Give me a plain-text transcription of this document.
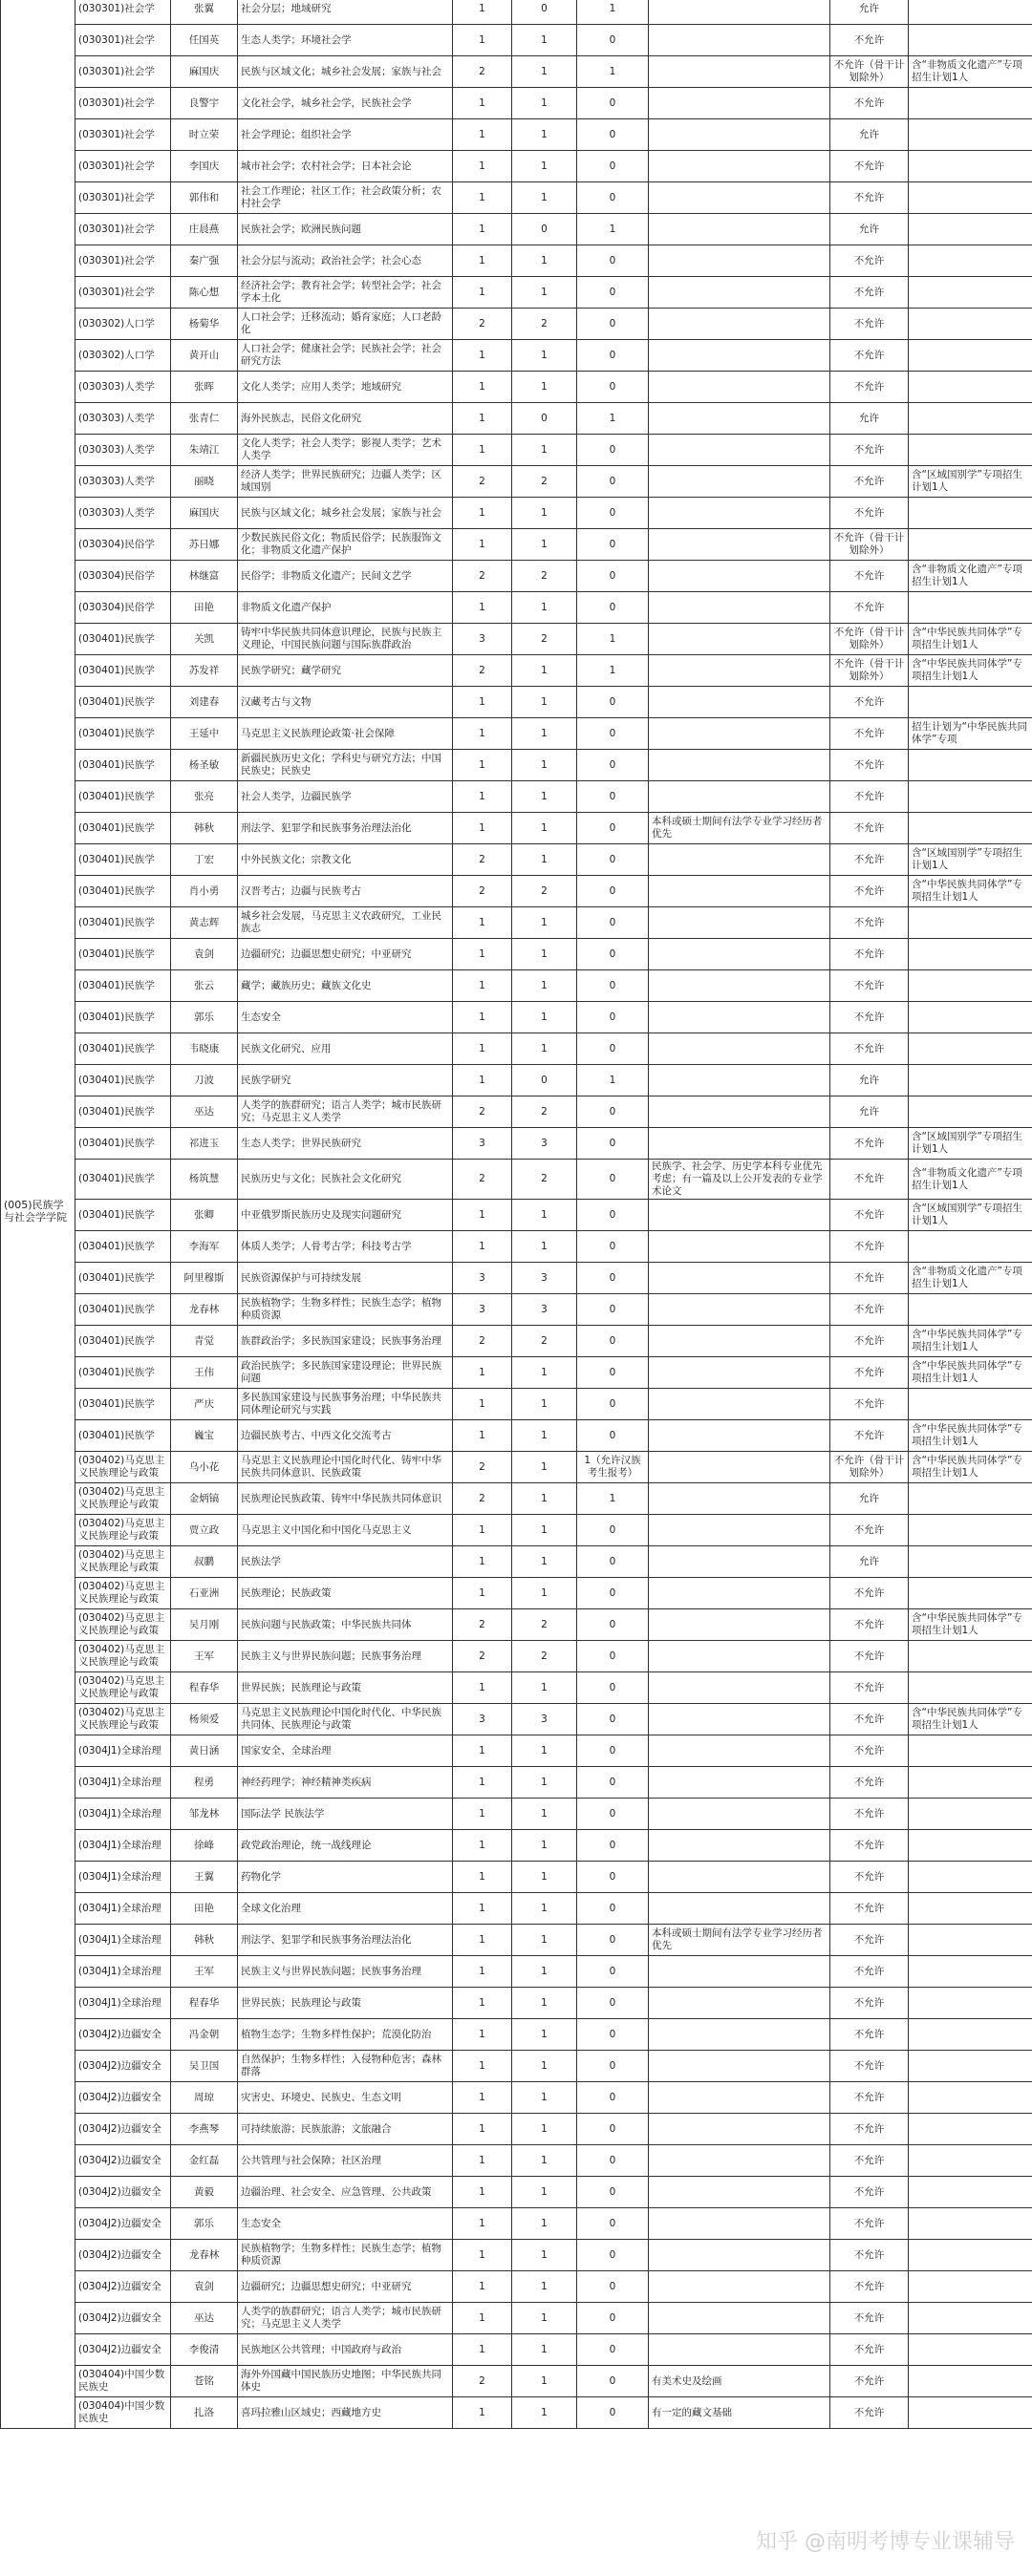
(005)民族学与社会学学院	(030301)社会学	张翼	社会分层；地域研究	1	0	1		允许	
	(030301)社会学	任国英	生态人类学；环境社会学	1	1	0		不允许	
	(030301)社会学	麻国庆	民族与区域文化；城乡社会发展；家族与社会	2	1	1		不允许（骨干计划除外）	含“非物质文化遗产”专项招生计划1人
	(030301)社会学	良警宇	文化社会学，城乡社会学，民族社会学	1	1	0		不允许	
	(030301)社会学	时立荣	社会学理论；组织社会学	1	1	0		允许	
	(030301)社会学	李国庆	城市社会学；农村社会学；日本社会论	1	1	0		不允许	
	(030301)社会学	郭伟和	社会工作理论；社区工作；社会政策分析；农村社会学	1	1	0		不允许	
	(030301)社会学	庄晨燕	民族社会学；欧洲民族问题	1	0	1		允许	
	(030301)社会学	秦广强	社会分层与流动；政治社会学；社会心态	1	1	0		不允许	
	(030301)社会学	陈心想	经济社会学；教育社会学；转型社会学；社会学本土化	1	1	0		不允许	
	(030302)人口学	杨菊华	人口社会学；迁移流动；婚育家庭；人口老龄化	2	2	0		不允许	
	(030302)人口学	黄开山	人口社会学；健康社会学；民族社会学；社会研究方法	1	1	0		不允许	
	(030303)人类学	张晖	文化人类学；应用人类学；地域研究	1	1	0		不允许	
	(030303)人类学	张青仁	海外民族志，民俗文化研究	1	0	1		允许	
	(030303)人类学	朱靖江	文化人类学；社会人类学；影视人类学；艺术人类学	1	1	0		不允许	
	(030303)人类学	丽晓	经济人类学；世界民族研究；边疆人类学；区域国别	2	2	0		不允许	含“区域国别学”专项招生计划1人
	(030303)人类学	麻国庆	民族与区域文化；城乡社会发展；家族与社会	1	1	0		不允许	
	(030304)民俗学	苏日娜	少数民族民俗文化；物质民俗学；民族服饰文化；非物质文化遗产保护	1	1	0		不允许（骨干计划除外）	
	(030304)民俗学	林继富	民俗学；非物质文化遗产；民间文艺学	2	2	0		不允许	含“非物质文化遗产”专项招生计划1人
	(030304)民俗学	田艳	非物质文化遗产保护	1	1	0		不允许	
	(030401)民族学	关凯	铸牢中华民族共同体意识理论，民族与民族主义理论，中国民族问题与国际族群政治	3	2	1		不允许（骨干计划除外）	含“中华民族共同体学”专项招生计划1人
	(030401)民族学	苏发祥	民族学研究；藏学研究	2	1	1		不允许（骨干计划除外）	含“中华民族共同体学”专项招生计划1人
	(030401)民族学	刘建春	汉藏考古与文物	1	1	0		不允许	
	(030401)民族学	王延中	马克思主义民族理论政策·社会保障	1	1	0		不允许	招生计划为“中华民族共同体学”专项
	(030401)民族学	杨圣敏	新疆民族历史文化；学科史与研究方法；中国民族史；民族史	1	1	0		不允许	
	(030401)民族学	张亮	社会人类学，边疆民族学	1	1	0		不允许	
	(030401)民族学	韩秋	刑法学、犯罪学和民族事务治理法治化	1	1	0	本科或硕士期间有法学专业学习经历者优先	不允许	
	(030401)民族学	丁宏	中外民族文化；宗教文化	2	1	0		不允许	含“区域国别学”专项招生计划1人
	(030401)民族学	肖小勇	汉晋考古；边疆与民族考古	2	2	0		不允许	含“中华民族共同体学”专项招生计划1人
	(030401)民族学	黄志辉	城乡社会发展，马克思主义农政研究，工业民族志	1	1	0		不允许	
	(030401)民族学	袁剑	边疆研究；边疆思想史研究；中亚研究	1	1	0		不允许	
	(030401)民族学	张云	藏学；藏族历史；藏族文化史	1	1	0		不允许	
	(030401)民族学	郭乐	生态安全	1	1	0		不允许	
	(030401)民族学	韦晓康	民族文化研究、应用	1	1	0		不允许	
	(030401)民族学	刀波	民族学研究	1	0	1		允许	
	(030401)民族学	巫达	人类学的族群研究；语言人类学；城市民族研究；马克思主义人类学	2	2	0		允许	
	(030401)民族学	祁进玉	生态人类学；世界民族研究	3	3	0		不允许	含“区域国别学”专项招生计划1人
	(030401)民族学	杨筑慧	民族历史与文化；民族社会文化研究	2	2	0	民族学、社会学、历史学本科专业优先考虑；有一篇及以上公开发表的专业学术论文	不允许	含“非物质文化遗产”专项招生计划1人
	(030401)民族学	张卿	中亚俄罗斯民族历史及现实问题研究	1	1	0		不允许	含“区域国别学”专项招生计划1人
	(030401)民族学	李海军	体质人类学；人骨考古学；科技考古学	1	1	0		不允许	
	(030401)民族学	阿里穆斯	民族资源保护与可持续发展	3	3	0		不允许	含“非物质文化遗产”专项招生计划1人
	(030401)民族学	龙春林	民族植物学；生物多样性；民族生态学；植物种质资源	3	3	0		不允许	
	(030401)民族学	青觉	族群政治学；多民族国家建设；民族事务治理	2	2	0		不允许	含“中华民族共同体学”专项招生计划1人
	(030401)民族学	王伟	政治民族学；多民族国家建设理论；世界民族问题	1	1	0		不允许	含“中华民族共同体学”专项招生计划1人
	(030401)民族学	严庆	多民族国家建设与民族事务治理；中华民族共同体理论研究与实践	1	1	0		不允许	
	(030401)民族学	巍宝	边疆民族考古、中西文化交流考古	1	1	0		不允许	含“中华民族共同体学”专项招生计划1人
	(030402)马克思主义民族理论与政策	乌小花	马克思主义民族理论中国化时代化、铸牢中华民族共同体意识、民族政策	2	1	1（允许汉族考生报考）		不允许（骨干计划除外）	含“中华民族共同体学”专项招生计划1人
	(030402)马克思主义民族理论与政策	金炳镐	民族理论民族政策、铸牢中华民族共同体意识	2	1	1		允许	
	(030402)马克思主义民族理论与政策	贾立政	马克思主义中国化和中国化马克思主义	1	1	0		不允许	
	(030402)马克思主义民族理论与政策	叔鹏	民族法学	1	1	0		允许	
	(030402)马克思主义民族理论与政策	石亚洲	民族理论；民族政策	1	1	0		不允许	
	(030402)马克思主义民族理论与政策	吴月刚	民族问题与民族政策；中华民族共同体	2	2	0		不允许	含“中华民族共同体学”专项招生计划1人
	(030402)马克思主义民族理论与政策	王军	民族主义与世界民族问题；民族事务治理	2	2	0		不允许	
	(030402)马克思主义民族理论与政策	程春华	世界民族；民族理论与政策	1	1	0		不允许	
	(030402)马克思主义民族理论与政策	杨须爱	马克思主义民族理论中国化时代化、中华民族共同体、民族理论与政策	3	3	0		不允许	含“中华民族共同体学”专项招生计划1人
	(0304J1)全球治理	黄日涵	国家安全、全球治理	1	1	0		不允许	
	(0304J1)全球治理	程勇	神经药理学；神经精神类疾病	1	1	0		不允许	
	(0304J1)全球治理	邹龙林	国际法学 民族法学	1	1	0		不允许	
	(0304J1)全球治理	徐峰	政党政治理论，统一战线理论	1	1	0		不允许	
	(0304J1)全球治理	王翼	药物化学	1	1	0		不允许	
	(0304J1)全球治理	田艳	全球文化治理	1	1	0		不允许	
	(0304J1)全球治理	韩秋	刑法学、犯罪学和民族事务治理法治化	1	1	0	本科或硕士期间有法学专业学习经历者优先	不允许	
	(0304J1)全球治理	王军	民族主义与世界民族问题；民族事务治理	1	1	0		不允许	
	(0304J1)全球治理	程春华	世界民族；民族理论与政策	1	1	0		不允许	
	(0304J2)边疆安全	冯金朝	植物生态学；生物多样性保护；荒漠化防治	1	1	0		不允许	
	(0304J2)边疆安全	吴卫国	自然保护；生物多样性；入侵物种危害；森林群落	1	1	0		不允许	
	(0304J2)边疆安全	周琼	灾害史、环境史、民族史、生态文明	1	1	0		不允许	
	(0304J2)边疆安全	李燕琴	可持续旅游；民族旅游；文旅融合	1	1	0		不允许	
	(0304J2)边疆安全	金红磊	公共管理与社会保障；社区治理	1	1	0		不允许	
	(0304J2)边疆安全	黄毅	边疆治理、社会安全、应急管理、公共政策	1	1	0		不允许	
	(0304J2)边疆安全	郭乐	生态安全	1	1	0		不允许	
	(0304J2)边疆安全	龙春林	民族植物学；生物多样性；民族生态学；植物种质资源	1	1	0		不允许	
	(0304J2)边疆安全	袁剑	边疆研究；边疆思想史研究；中亚研究	1	1	0		不允许	
	(0304J2)边疆安全	巫达	人类学的族群研究；语言人类学；城市民族研究；马克思主义人类学	1	1	0		不允许	
	(0304J2)边疆安全	李俊清	民族地区公共管理；中国政府与政治	1	1	0		不允许	
	(030404)中国少数民族史	苍铭	海外外国藏中国民族历史地图；中华民族共同体史	2	1	0	有美术史及绘画	不允许	
	(030404)中国少数民族史	扎洛	喜玛拉雅山区域史；西藏地方史	1	1	0	有一定的藏文基础	不允许	
知乎 @南明考博专业课辅导
